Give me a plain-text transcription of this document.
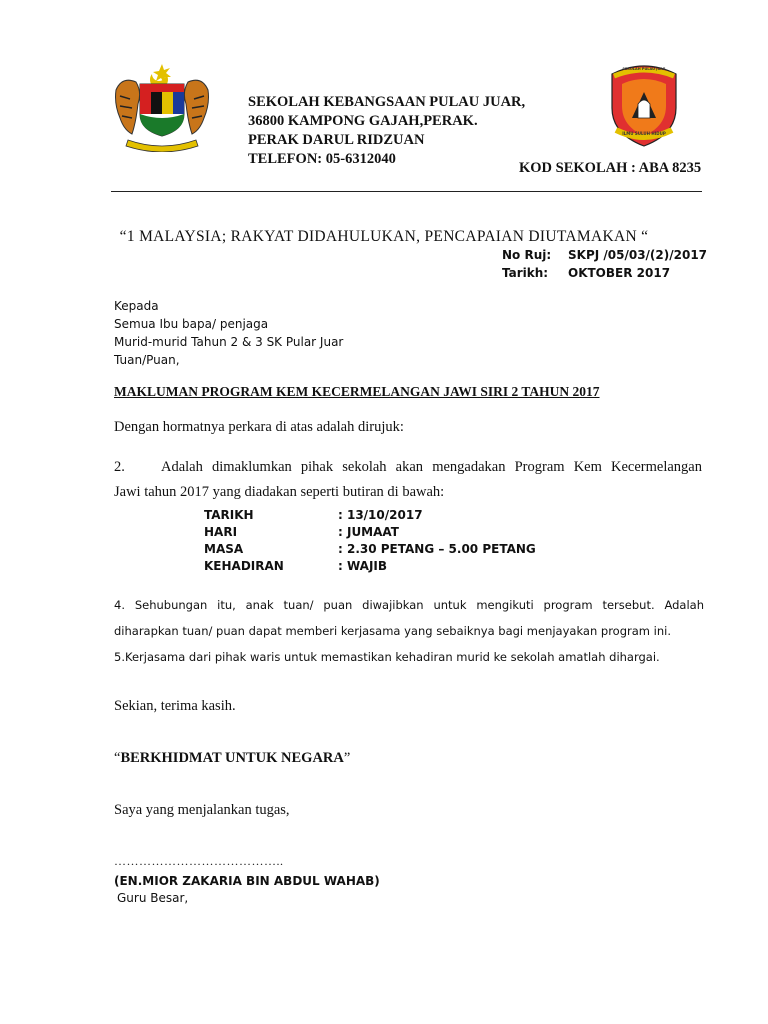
SEKOLAH KEBANGSAAN PULAU JUAR,
36800 KAMPONG GAJAH,PERAK.
PERAK DARUL RIDZUAN
TELEFON: 05-6312040
SEKOLAH PULAU JUAR
ILMU SULUH HIDUP
KOD SEKOLAH : ABA 8235
“1 MALAYSIA; RAKYAT DIDAHULUKAN, PENCAPAIAN DIUTAMAKAN “
No Ruj:	SKPJ /05/03/(2)/2017
Tarikh:	OKTOBER 2017
Kepada
Semua Ibu bapa/ penjaga
Murid-murid Tahun 2 & 3 SK Pular Juar
Tuan/Puan,
MAKLUMAN PROGRAM KEM KECERMELANGAN JAWI SIRI 2 TAHUN 2017
Dengan hormatnya perkara di atas adalah dirujuk:
2.	Adalah dimaklumkan pihak sekolah akan mengadakan Program Kem Kecermelangan
Jawi tahun 2017 yang diadakan seperti butiran di bawah:
TARIKH	: 13/10/2017
HARI	: JUMAAT
MASA	: 2.30 PETANG – 5.00 PETANG
KEHADIRAN	: WAJIB
4. Sehubungan itu, anak tuan/ puan diwajibkan untuk mengikuti program tersebut. Adalah diharapkan tuan/ puan dapat memberi kerjasama yang sebaiknya bagi menjayakan program ini.
5.Kerjasama dari pihak waris untuk memastikan kehadiran murid ke sekolah amatlah dihargai.
Sekian, terima kasih.
“BERKHIDMAT UNTUK NEGARA”
Saya yang menjalankan tugas,
…………………………………..
(EN.MIOR ZAKARIA BIN ABDUL WAHAB)
Guru Besar,
